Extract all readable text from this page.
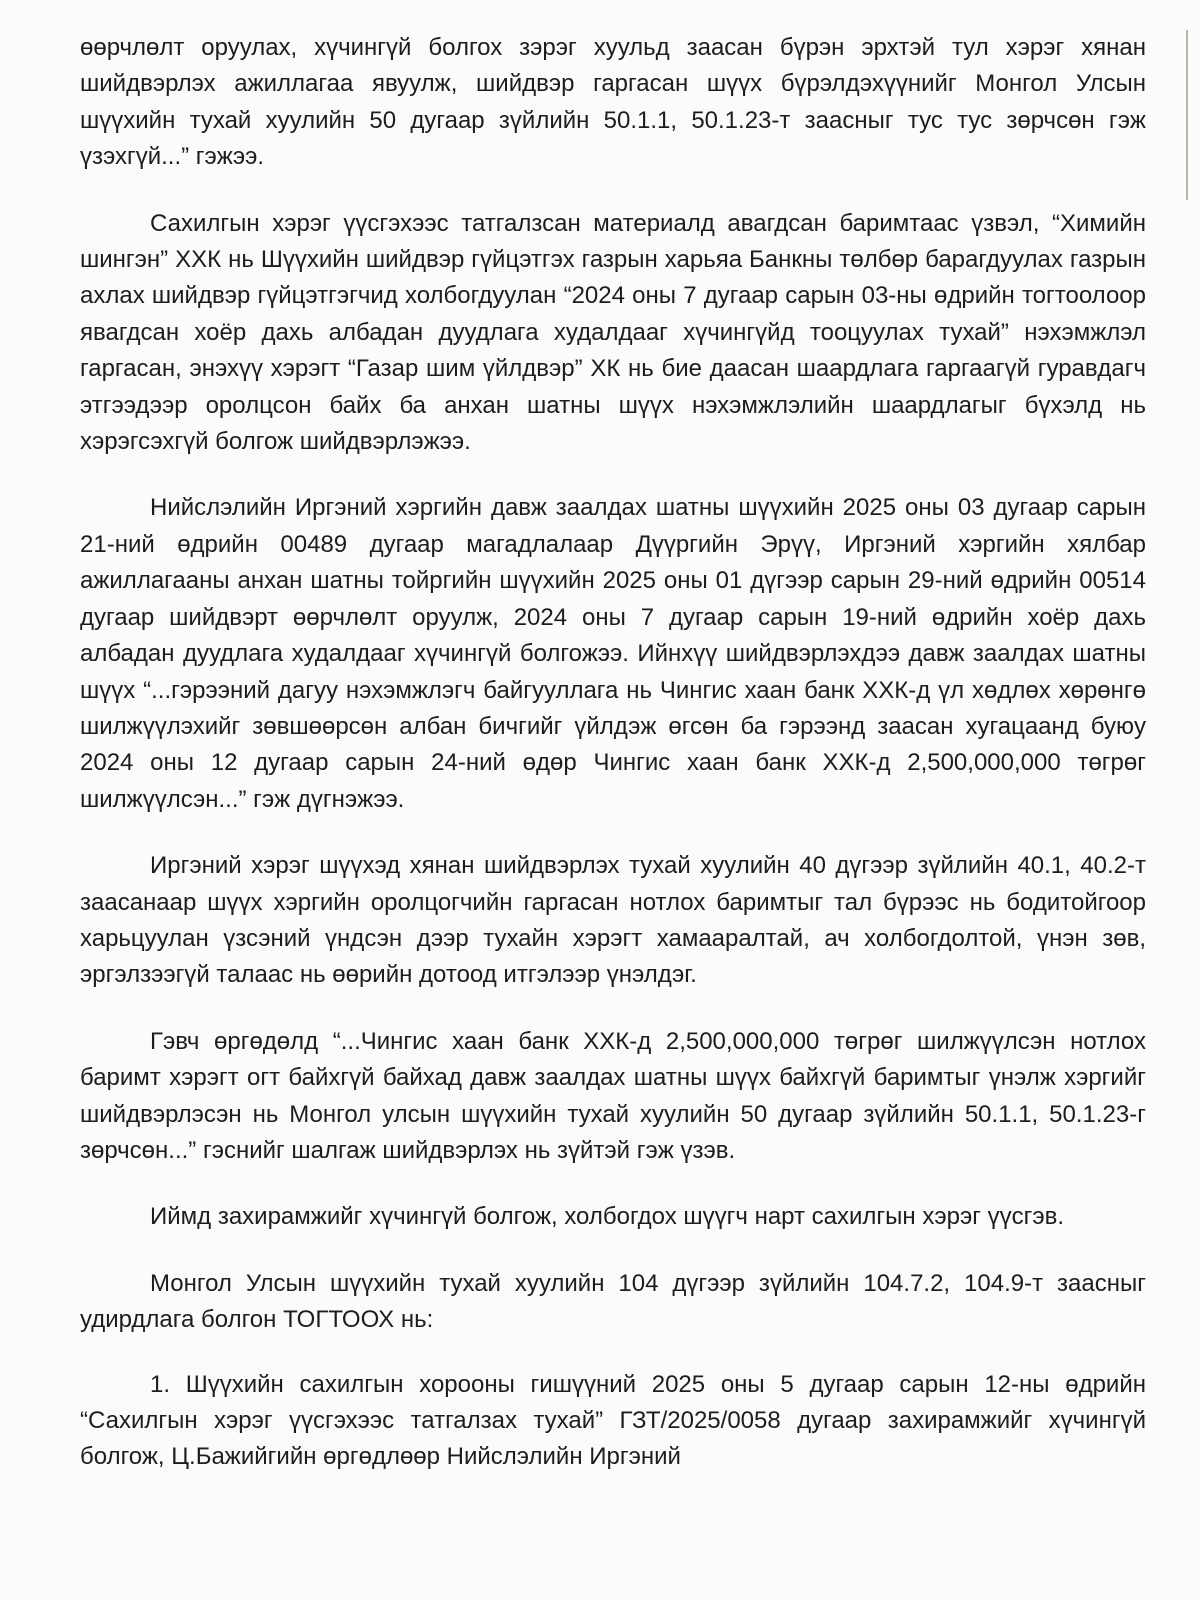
өөрчлөлт оруулах, хүчингүй болгох зэрэг хуульд заасан бүрэн эрхтэй тул хэрэг хянан шийдвэрлэх ажиллагаа явуулж, шийдвэр гаргасан шүүх бүрэлдэхүүнийг Монгол Улсын шүүхийн тухай хуулийн 50 дугаар зүйлийн 50.1.1, 50.1.23-т заасныг тус тус зөрчсөн гэж үзэхгүй...” гэжээ.

Сахилгын хэрэг үүсгэхээс татгалзсан материалд авагдсан баримтаас үзвэл, “Химийн шингэн” ХХК нь Шүүхийн шийдвэр гүйцэтгэх газрын харьяа Банкны төлбөр барагдуулах газрын ахлах шийдвэр гүйцэтгэгчид холбогдуулан “2024 оны 7 дугаар сарын 03-ны өдрийн тогтоолоор явагдсан хоёр дахь албадан дуудлага худалдааг хүчингүйд тооцуулах тухай” нэхэмжлэл гаргасан, энэхүү хэрэгт “Газар шим үйлдвэр” ХК нь бие даасан шаардлага гаргаагүй гуравдагч этгээдээр оролцсон байх ба анхан шатны шүүх нэхэмжлэлийн шаардлагыг бүхэлд нь хэрэгсэхгүй болгож шийдвэрлэжээ.

Нийслэлийн Иргэний хэргийн давж заалдах шатны шүүхийн 2025 оны 03 дугаар сарын 21-ний өдрийн 00489 дугаар магадлалаар Дүүргийн Эрүү, Иргэний хэргийн хялбар ажиллагааны анхан шатны тойргийн шүүхийн 2025 оны 01 дүгээр сарын 29-ний өдрийн 00514 дугаар шийдвэрт өөрчлөлт оруулж, 2024 оны 7 дугаар сарын 19-ний өдрийн хоёр дахь албадан дуудлага худалдааг хүчингүй болгожээ. Ийнхүү шийдвэрлэхдээ давж заалдах шатны шүүх “...гэрээний дагуу нэхэмжлэгч байгууллага нь Чингис хаан банк ХХК-д үл хөдлөх хөрөнгө шилжүүлэхийг зөвшөөрсөн албан бичгийг үйлдэж өгсөн ба гэрээнд заасан хугацаанд буюу 2024 оны 12 дугаар сарын 24-ний өдөр Чингис хаан банк ХХК-д 2,500,000,000 төгрөг шилжүүлсэн...” гэж дүгнэжээ.

Иргэний хэрэг шүүхэд хянан шийдвэрлэх тухай хуулийн 40 дүгээр зүйлийн 40.1, 40.2-т заасанаар шүүх хэргийн оролцогчийн гаргасан нотлох баримтыг тал бүрээс нь бодитойгоор харьцуулан үзсэний үндсэн дээр тухайн хэрэгт хамааралтай, ач холбогдолтой, үнэн зөв, эргэлзээгүй талаас нь өөрийн дотоод итгэлээр үнэлдэг.

Гэвч өргөдөлд “...Чингис хаан банк ХХК-д 2,500,000,000 төгрөг шилжүүлсэн нотлох баримт хэрэгт огт байхгүй байхад давж заалдах шатны шүүх байхгүй баримтыг үнэлж хэргийг шийдвэрлэсэн нь Монгол улсын шүүхийн тухай хуулийн 50 дугаар зүйлийн 50.1.1, 50.1.23-г зөрчсөн...” гэснийг шалгаж шийдвэрлэх нь зүйтэй гэж үзэв.

Иймд захирамжийг хүчингүй болгож, холбогдох шүүгч нарт сахилгын хэрэг үүсгэв.

Монгол Улсын шүүхийн тухай хуулийн 104 дүгээр зүйлийн 104.7.2, 104.9-т заасныг удирдлага болгон ТОГТООХ нь:

1. Шүүхийн сахилгын хорооны гишүүний 2025 оны 5 дугаар сарын 12-ны өдрийн “Сахилгын хэрэг үүсгэхээс татгалзах тухай” ГЗТ/2025/0058 дугаар захирамжийг хүчингүй болгож, Ц.Бажийгийн өргөдлөөр Нийслэлийн Иргэний
